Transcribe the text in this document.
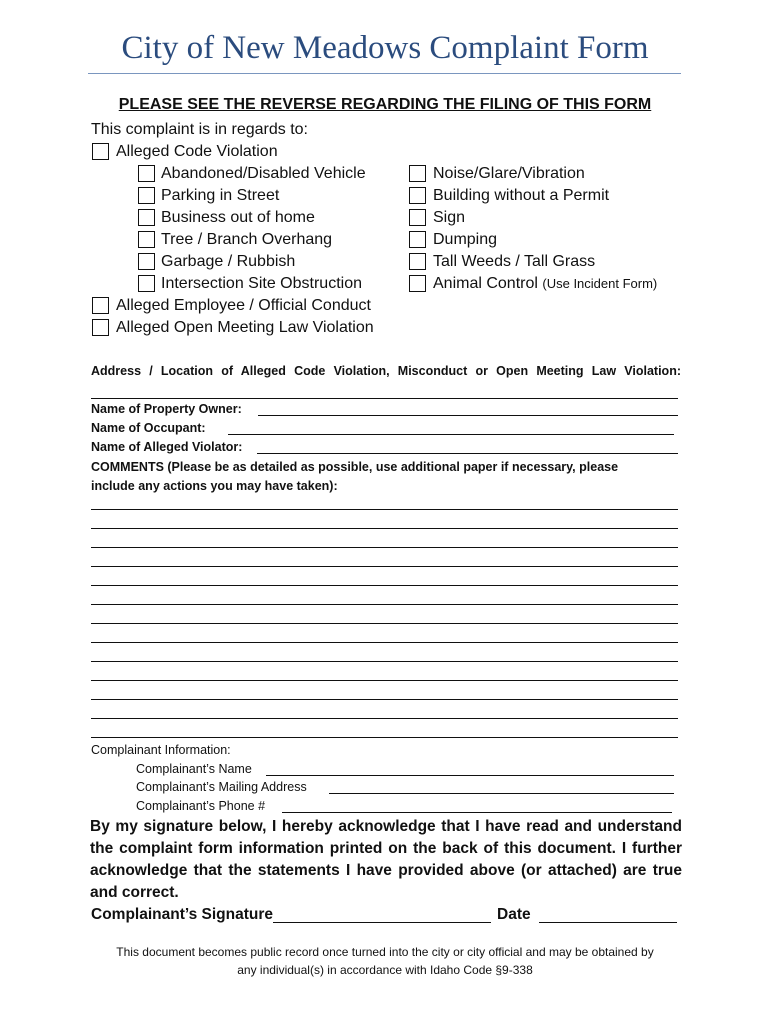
City of New Meadows Complaint Form
PLEASE SEE THE REVERSE REGARDING THE FILING OF THIS FORM
This complaint is in regards to:
Alleged Code Violation
Abandoned/Disabled Vehicle
Parking in Street
Business out of home
Tree / Branch Overhang
Garbage / Rubbish
Intersection Site Obstruction
Noise/Glare/Vibration
Building without a Permit
Sign
Dumping
Tall Weeds / Tall Grass
Animal Control (Use Incident Form)
Alleged Employee / Official Conduct
Alleged Open Meeting Law Violation
Address / Location of Alleged Code Violation, Misconduct or Open Meeting Law Violation:
Name of Property Owner:
Name of Occupant:
Name of Alleged Violator:
COMMENTS (Please be as detailed as possible, use additional paper if necessary, please include any actions you may have taken):
Complainant Information:
Complainant’s Name
Complainant’s Mailing Address
Complainant’s Phone #
By my signature below, I hereby acknowledge that I have read and understand the complaint form information printed on the back of this document. I further acknowledge that the statements I have provided above (or attached) are true and correct.
Complainant’s Signature	Date
This document becomes public record once turned into the city or city official and may be obtained by
any individual(s) in accordance with Idaho Code §9-338
